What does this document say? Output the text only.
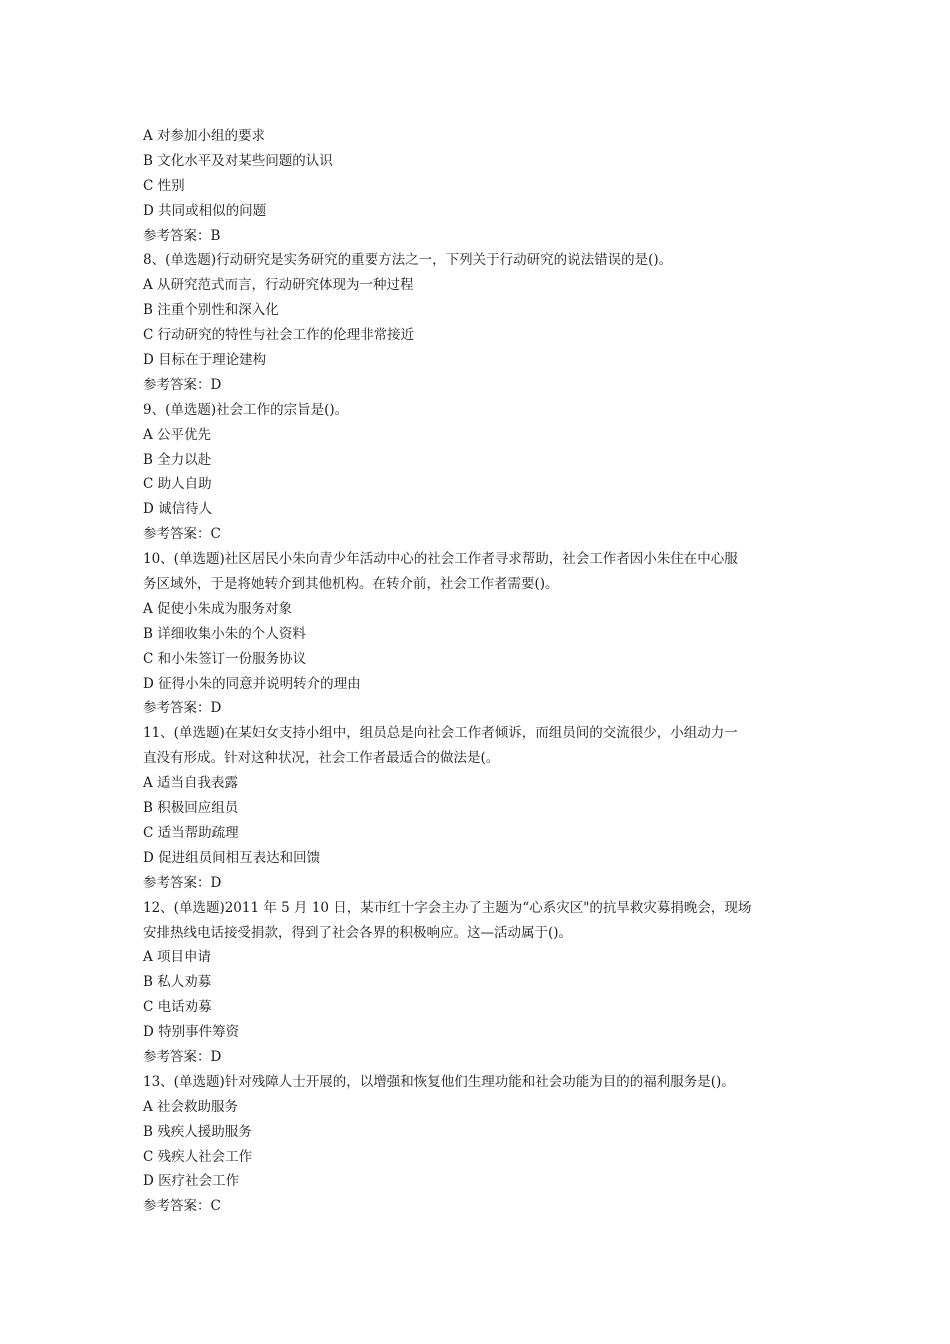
A 对参加小组的要求
B 文化水平及对某些问题的认识
C 性别
D 共同或相似的问题
参考答案：B
8、(单选题)行动研究是实务研究的重要方法之一，下列关于行动研究的说法错误的是()。
A 从研究范式而言，行动研究体现为一种过程
B 注重个别性和深入化
C 行动研究的特性与社会工作的伦理非常接近
D 目标在于理论建构
参考答案：D
9、(单选题)社会工作的宗旨是()。
A 公平优先
B 全力以赴
C 助人自助
D 诚信待人
参考答案：C
10、(单选题)社区居民小朱向青少年活动中心的社会工作者寻求帮助，社会工作者因小朱住在中心服
务区域外，于是将她转介到其他机构。在转介前，社会工作者需要()。
A 促使小朱成为服务对象
B 详细收集小朱的个人资料
C 和小朱签订一份服务协议
D 征得小朱的同意并说明转介的理由
参考答案：D
11、(单选题)在某妇女支持小组中，组员总是向社会工作者倾诉，而组员间的交流很少，小组动力一
直没有形成。针对这种状况，社会工作者最适合的做法是(。
A 适当自我表露
B 积极回应组员
C 适当帮助疏理
D 促进组员间相互表达和回馈
参考答案：D
12、(单选题)2011 年 5 月 10 日，某市红十字会主办了主题为“心系灾区"的抗旱救灾募捐晚会，现场
安排热线电话接受捐款，得到了社会各界的积极响应。这—活动属于()。
A 项目申请
B 私人劝募
C 电话劝募
D 特别事件筹资
参考答案：D
13、(单选题)针对残障人士开展的，以增强和恢复他们生理功能和社会功能为目的的福利服务是()。
A 社会救助服务
B 残疾人援助服务
C 残疾人社会工作
D 医疗社会工作
参考答案：C
